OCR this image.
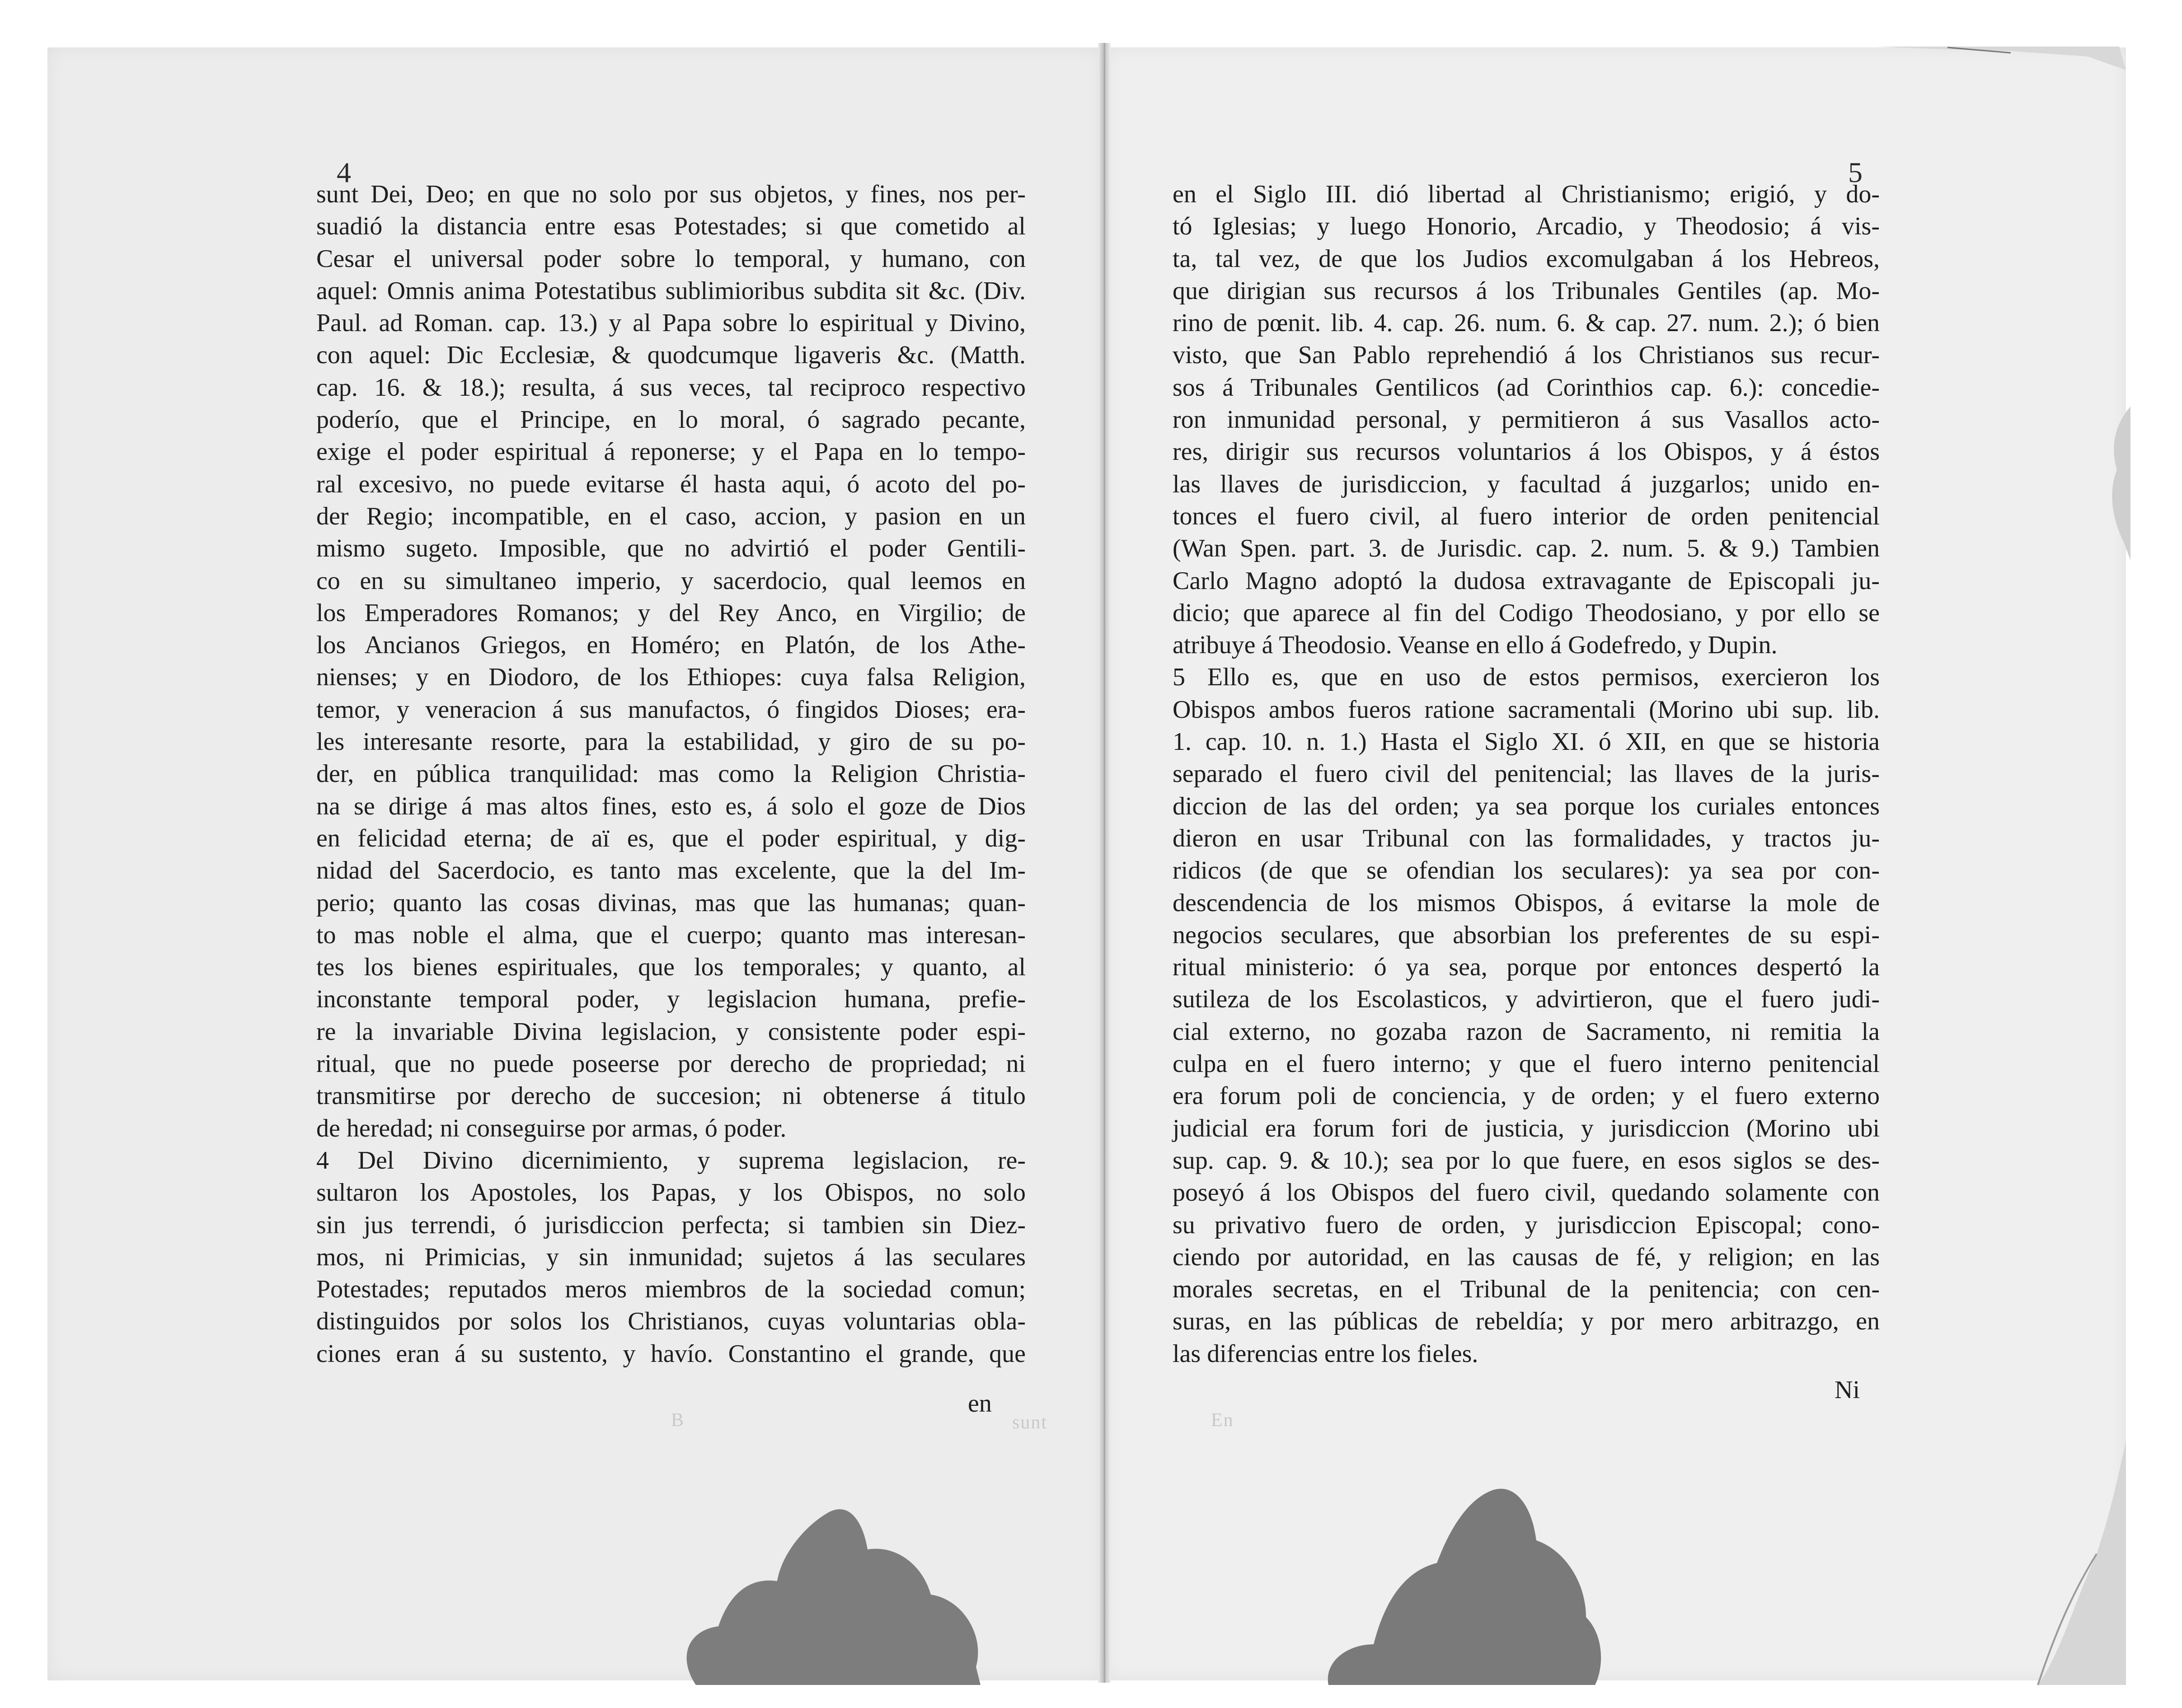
4	5
sunt Dei, Deo; en que no solo por sus objetos, y fines, nos per-
suadió la distancia entre esas Potestades; si que cometido al
Cesar el universal poder sobre lo temporal, y humano, con
aquel: Omnis anima Potestatibus sublimioribus subdita sit &c. (Div.
Paul. ad Roman. cap. 13.) y al Papa sobre lo espiritual y Divino,
con aquel: Dic Ecclesiæ, & quodcumque ligaveris &c. (Matth.
cap. 16. & 18.); resulta, á sus veces, tal reciproco respectivo
poderío, que el Principe, en lo moral, ó sagrado pecante,
exige el poder espiritual á reponerse; y el Papa en lo tempo-
ral excesivo, no puede evitarse él hasta aqui, ó acoto del po-
der Regio; incompatible, en el caso, accion, y pasion en un
mismo sugeto. Imposible, que no advirtió el poder Gentili-
co en su simultaneo imperio, y sacerdocio, qual leemos en
los Emperadores Romanos; y del Rey Anco, en Virgilio; de
los Ancianos Griegos, en Homéro; en Platón, de los Athe-
nienses; y en Diodoro, de los Ethiopes: cuya falsa Religion,
temor, y veneracion á sus manufactos, ó fingidos Dioses; era-
les interesante resorte, para la estabilidad, y giro de su po-
der, en pública tranquilidad: mas como la Religion Christia-
na se dirige á mas altos fines, esto es, á solo el goze de Dios
en felicidad eterna; de aï es, que el poder espiritual, y dig-
nidad del Sacerdocio, es tanto mas excelente, que la del Im-
perio; quanto las cosas divinas, mas que las humanas; quan-
to mas noble el alma, que el cuerpo; quanto mas interesan-
tes los bienes espirituales, que los temporales; y quanto, al
inconstante temporal poder, y legislacion humana, prefie-
re la invariable Divina legislacion, y consistente poder espi-
ritual, que no puede poseerse por derecho de propriedad; ni
transmitirse por derecho de succesion; ni obtenerse á titulo
de heredad; ni conseguirse por armas, ó poder.
4 Del Divino dicernimiento, y suprema legislacion, re-
sultaron los Apostoles, los Papas, y los Obispos, no solo
sin jus terrendi, ó jurisdiccion perfecta; si tambien sin Diez-
mos, ni Primicias, y sin inmunidad; sujetos á las seculares
Potestades; reputados meros miembros de la sociedad comun;
distinguidos por solos los Christianos, cuyas voluntarias obla-
ciones eran á su sustento, y havío. Constantino el grande, que
en
sunt
B	En
en el Siglo III. dió libertad al Christianismo; erigió, y do-
tó Iglesias; y luego Honorio, Arcadio, y Theodosio; á vis-
ta, tal vez, de que los Judios excomulgaban á los Hebreos,
que dirigian sus recursos á los Tribunales Gentiles (ap. Mo-
rino de pœnit. lib. 4. cap. 26. num. 6. & cap. 27. num. 2.); ó bien
visto, que San Pablo reprehendió á los Christianos sus recur-
sos á Tribunales Gentilicos (ad Corinthios cap. 6.): concedie-
ron inmunidad personal, y permitieron á sus Vasallos acto-
res, dirigir sus recursos voluntarios á los Obispos, y á éstos
las llaves de jurisdiccion, y facultad á juzgarlos; unido en-
tonces el fuero civil, al fuero interior de orden penitencial
(Wan Spen. part. 3. de Jurisdic. cap. 2. num. 5. & 9.) Tambien
Carlo Magno adoptó la dudosa extravagante de Episcopali ju-
dicio; que aparece al fin del Codigo Theodosiano, y por ello se
atribuye á Theodosio. Veanse en ello á Godefredo, y Dupin.
5 Ello es, que en uso de estos permisos, exercieron los
Obispos ambos fueros ratione sacramentali (Morino ubi sup. lib.
1. cap. 10. n. 1.) Hasta el Siglo XI. ó XII, en que se historia
separado el fuero civil del penitencial; las llaves de la juris-
diccion de las del orden; ya sea porque los curiales entonces
dieron en usar Tribunal con las formalidades, y tractos ju-
ridicos (de que se ofendian los seculares): ya sea por con-
descendencia de los mismos Obispos, á evitarse la mole de
negocios seculares, que absorbian los preferentes de su espi-
ritual ministerio: ó ya sea, porque por entonces despertó la
sutileza de los Escolasticos, y advirtieron, que el fuero judi-
cial externo, no gozaba razon de Sacramento, ni remitia la
culpa en el fuero interno; y que el fuero interno penitencial
era forum poli de conciencia, y de orden; y el fuero externo
judicial era forum fori de justicia, y jurisdiccion (Morino ubi
sup. cap. 9. & 10.); sea por lo que fuere, en esos siglos se des-
poseyó á los Obispos del fuero civil, quedando solamente con
su privativo fuero de orden, y jurisdiccion Episcopal; cono-
ciendo por autoridad, en las causas de fé, y religion; en las
morales secretas, en el Tribunal de la penitencia; con cen-
suras, en las públicas de rebeldía; y por mero arbitrazgo, en
las diferencias entre los fieles.
Ni
